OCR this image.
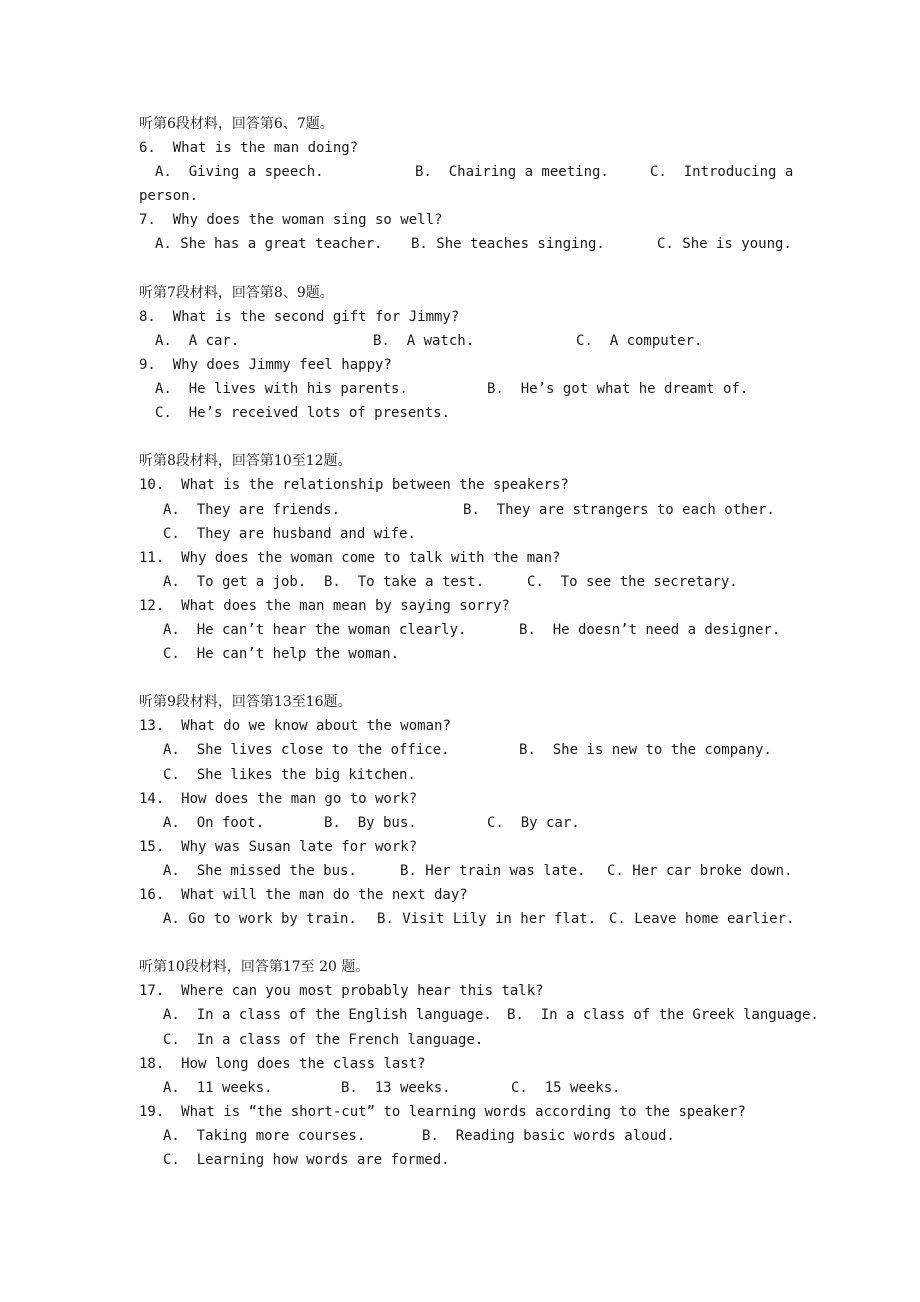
听第6段材料，回答第6、7题。
6.  What is the man doing?

A.  Giving a speech.

	B.  Chairing a meeting.

	C.  Introducing a

person.
7.  Why does the woman sing so well?

A. She has a great teacher.

B. She teaches singing.

	C. She is young.

听第7段材料，回答第8、9题。
8.  What is the second gift for Jimmy?

A.  A car.

	B.  A watch.

	C.  A computer.

9.  Why does Jimmy feel happy?

A.  He lives with his parents.

	B.  He’s got what he dreamt of.

C.  He’s received lots of presents.

听第8段材料，回答第10至12题。
10.  What is the relationship between the speakers?

A.  They are friends.

	B.  They are strangers to each other.

C.  They are husband and wife.

11.  Why does the woman come to talk with the man?

A.  To get a job.

B.  To take a test.

	C.  To see the secretary.

12.  What does the man mean by saying sorry?

A.  He can’t hear the woman clearly.

	B.  He doesn’t need a designer.

C.  He can’t help the woman.

听第9段材料，回答第13至16题。
13.  What do we know about the woman?

A.  She lives close to the office.

	B.  She is new to the company.

C.  She likes the big kitchen.

14.  How does the man go to work?

A.  On foot.

	B.  By bus.

	C.  By car.

15.  Why was Susan late for work?

A.  She missed the bus.

	B. Her train was late.

C. Her car broke down.

16.  What will the man do the next day?

A. Go to work by train.

B. Visit Lily in her flat.

C. Leave home earlier.

听第10段材料，回答第17至 20 题。
17.  Where can you most probably hear this talk?

A.  In a class of the English language.

B.  In a class of the Greek language.

C.  In a class of the French language.

18.  How long does the class last?

A.  11 weeks.

	B.  13 weeks.

	C.  15 weeks.

19.  What is “the short-cut” to learning words according to the speaker?

A.  Taking more courses.

	B.  Reading basic words aloud.

C.  Learning how words are formed.
